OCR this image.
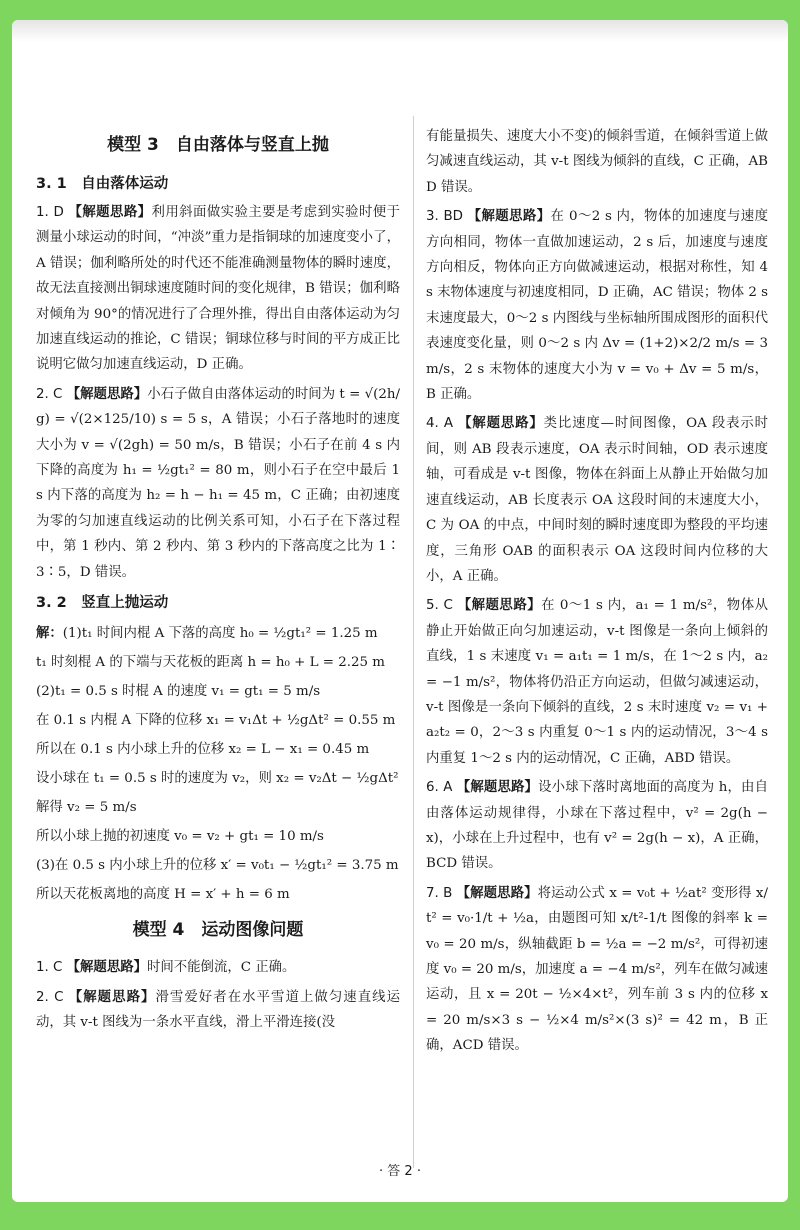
模型 3　自由落体与竖直上抛
3. 1　自由落体运动
1. D 【解题思路】利用斜面做实验主要是考虑到实验时便于测量小球运动的时间，“冲淡”重力是指铜球的加速度变小了，A 错误；伽利略所处的时代还不能准确测量物体的瞬时速度，故无法直接测出铜球速度随时间的变化规律，B 错误；伽利略对倾角为 90°的情况进行了合理外推，得出自由落体运动为匀加速直线运动的推论，C 错误；铜球位移与时间的平方成正比说明它做匀加速直线运动，D 正确。
2. C 【解题思路】小石子做自由落体运动的时间为 t = √(2h/g) = √(2×125/10) s = 5 s，A 错误；小石子落地时的速度大小为 v = √(2gh) = 50 m/s，B 错误；小石子在前 4 s 内下降的高度为 h₁ = ½gt₁² = 80 m，则小石子在空中最后 1 s 内下落的高度为 h₂ = h − h₁ = 45 m，C 正确；由初速度为零的匀加速直线运动的比例关系可知，小石子在下落过程中，第 1 秒内、第 2 秒内、第 3 秒内的下落高度之比为 1∶3∶5，D 错误。
3. 2　竖直上抛运动
解：(1)t₁ 时间内棍 A 下落的高度 h₀ = ½gt₁² = 1.25 m
t₁ 时刻棍 A 的下端与天花板的距离 h = h₀ + L = 2.25 m
(2)t₁ = 0.5 s 时棍 A 的速度 v₁ = gt₁ = 5 m/s
在 0.1 s 内棍 A 下降的位移 x₁ = v₁Δt + ½gΔt² = 0.55 m
所以在 0.1 s 内小球上升的位移 x₂ = L − x₁ = 0.45 m
设小球在 t₁ = 0.5 s 时的速度为 v₂，则 x₂ = v₂Δt − ½gΔt²
解得 v₂ = 5 m/s
所以小球上抛的初速度 v₀ = v₂ + gt₁ = 10 m/s
(3)在 0.5 s 内小球上升的位移 x′ = v₀t₁ − ½gt₁² = 3.75 m
所以天花板离地的高度 H = x′ + h = 6 m
模型 4　运动图像问题
1. C 【解题思路】时间不能倒流，C 正确。
2. C 【解题思路】滑雪爱好者在水平雪道上做匀速直线运动，其 v-t 图线为一条水平直线，滑上平滑连接(没
有能量损失、速度大小不变)的倾斜雪道，在倾斜雪道上做匀减速直线运动，其 v-t 图线为倾斜的直线，C 正确，ABD 错误。
3. BD 【解题思路】在 0～2 s 内，物体的加速度与速度方向相同，物体一直做加速运动，2 s 后，加速度与速度方向相反，物体向正方向做减速运动，根据对称性，知 4 s 末物体速度与初速度相同，D 正确，AC 错误；物体 2 s 末速度最大，0～2 s 内图线与坐标轴所围成图形的面积代表速度变化量，则 0～2 s 内 Δv = (1+2)×2/2 m/s = 3 m/s，2 s 末物体的速度大小为 v = v₀ + Δv = 5 m/s，B 正确。
4. A 【解题思路】类比速度—时间图像，OA 段表示时间，则 AB 段表示速度，OA 表示时间轴，OD 表示速度轴，可看成是 v-t 图像，物体在斜面上从静止开始做匀加速直线运动，AB 长度表示 OA 这段时间的末速度大小，C 为 OA 的中点，中间时刻的瞬时速度即为整段的平均速度，三角形 OAB 的面积表示 OA 这段时间内位移的大小，A 正确。
5. C 【解题思路】在 0～1 s 内，a₁ = 1 m/s²，物体从静止开始做正向匀加速运动，v-t 图像是一条向上倾斜的直线，1 s 末速度 v₁ = a₁t₁ = 1 m/s，在 1～2 s 内，a₂ = −1 m/s²，物体将仍沿正方向运动，但做匀减速运动，v-t 图像是一条向下倾斜的直线，2 s 末时速度 v₂ = v₁ + a₂t₂ = 0，2～3 s 内重复 0～1 s 内的运动情况，3～4 s 内重复 1～2 s 内的运动情况，C 正确，ABD 错误。
6. A 【解题思路】设小球下落时离地面的高度为 h，由自由落体运动规律得，小球在下落过程中，v² = 2g(h − x)，小球在上升过程中，也有 v² = 2g(h − x)，A 正确，BCD 错误。
7. B 【解题思路】将运动公式 x = v₀t + ½at² 变形得 x/t² = v₀·1/t + ½a，由题图可知 x/t²-1/t 图像的斜率 k = v₀ = 20 m/s，纵轴截距 b = ½a = −2 m/s²，可得初速度 v₀ = 20 m/s，加速度 a = −4 m/s²，列车在做匀减速运动，且 x = 20t − ½×4×t²，列车前 3 s 内的位移 x = 20 m/s×3 s − ½×4 m/s²×(3 s)² = 42 m，B 正确，ACD 错误。
· 答 2 ·
